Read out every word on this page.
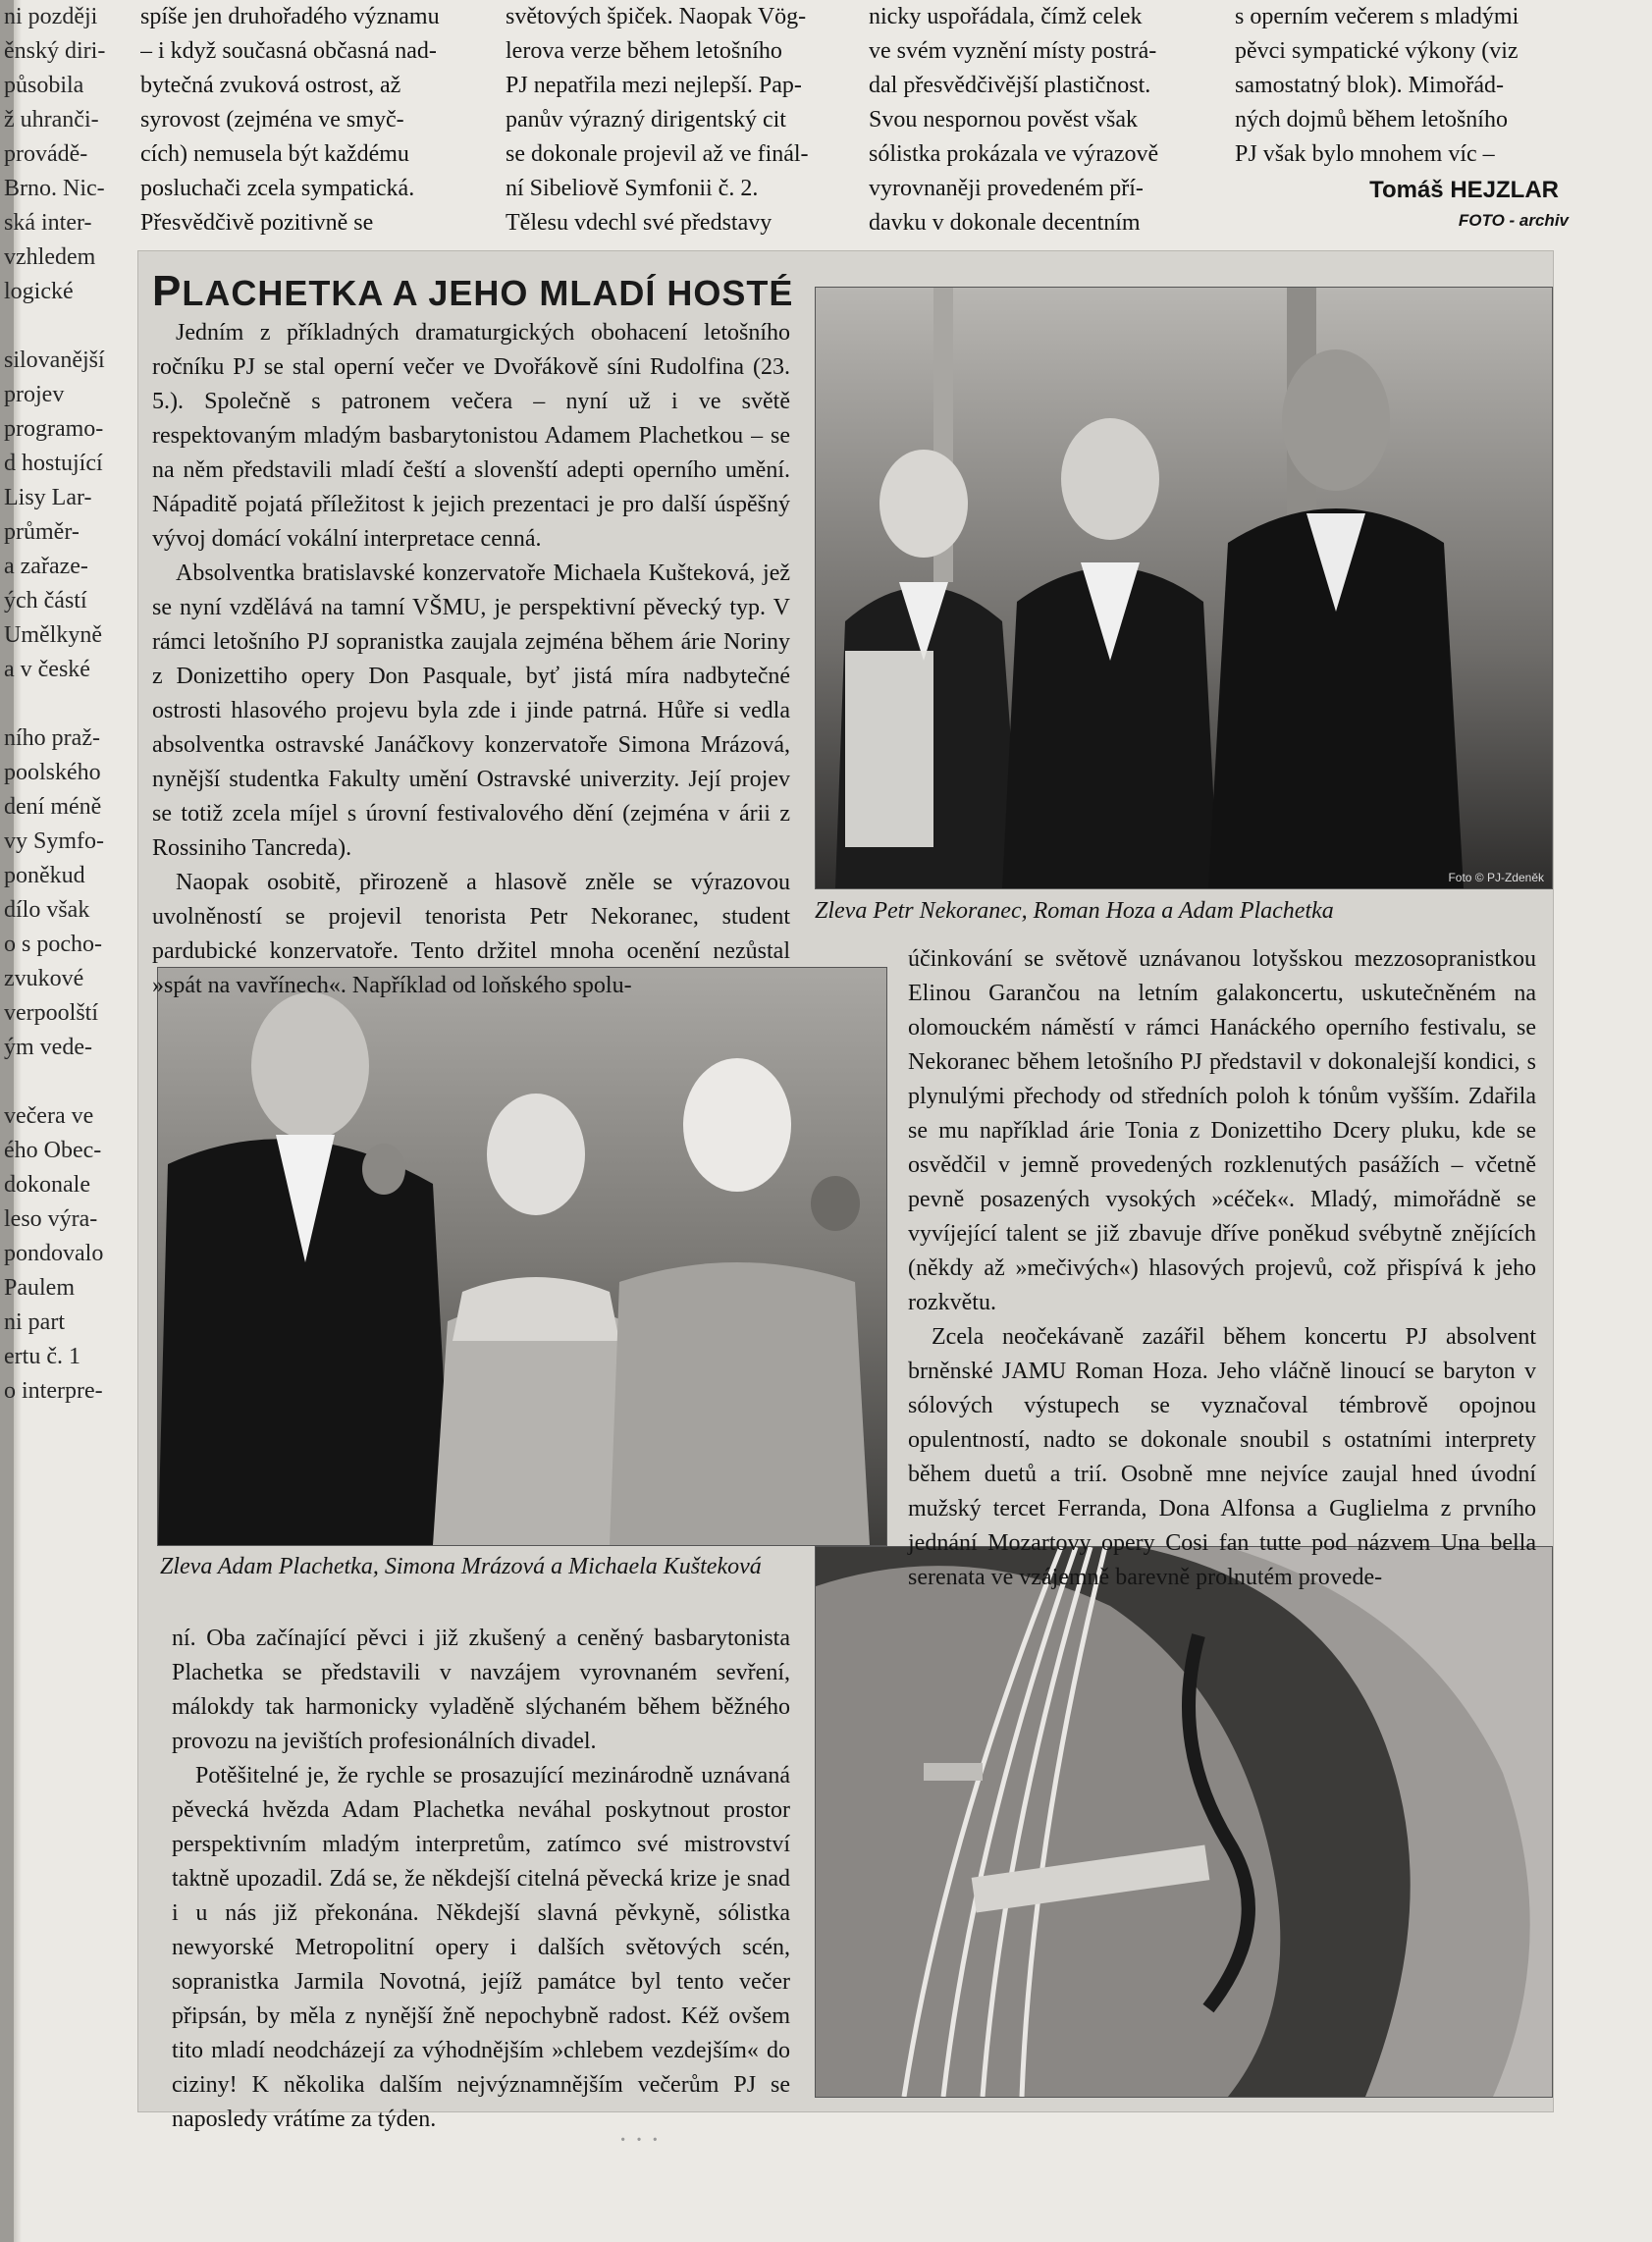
ni později
ěnský diri-
působila
ž uhranči-
provádě-
Brno. Nic-
ská inter-
vzhledem
logické
silovanější
projev
programo-
d hostující
Lisy Lar-
průměr-
a zařaze-
ých částí
Umělkyně
a v české
ního praž-
poolského
dení méně
vy Symfo-
poněkud
dílo však
o s pocho-
zvukové
verpoolští
ým vede-
večera ve
ého Obec-
dokonale
leso výra-
pondovalo
Paulem
ni part
ertu č. 1
o interpre-
spíše jen druhořadého významu
– i když současná občasná nad-
bytečná zvuková ostrost, až
syrovost (zejména ve smyč-
cích) nemusela být každému
posluchači zcela sympatická.
Přesvědčivě pozitivně se
světových špiček. Naopak Vög-
lerova verze během letošního
PJ nepatřila mezi nejlepší. Pap-
panův výrazný dirigentský cit
se dokonale projevil až ve finál-
ní Sibeliově Symfonii č. 2.
Tělesu vdechl své představy
nicky uspořádala, čímž celek
ve svém vyznění místy postrá-
dal přesvědčivější plastičnost.
Svou nespornou pověst však
sólistka prokázala ve výrazově
vyrovnaněji provedeném pří-
davku v dokonale decentním
s operním večerem s mladými
pěvci sympatické výkony (viz
samostatný blok). Mimořád-
ných dojmů během letošního
PJ však bylo mnohem víc –
Tomáš HEJZLAR
FOTO - archiv
PLACHETKA A JEHO MLADÍ HOSTÉ
Foto © PJ-Zdeněk
Zleva Petr Nekoranec, Roman Hoza a Adam Plachetka
Zleva Adam Plachetka, Simona Mrázová a Michaela Kušteková

Jedním z příkladných dramaturgických obohacení letošního ročníku PJ se stal operní večer ve Dvořákově síni Rudolfina (23. 5.). Společně s patronem večera – nyní už i ve světě respektovaným mladým basbarytonistou Adamem Plachetkou – se na něm představili mladí čeští a slovenští adepti operního umění. Nápaditě pojatá příležitost k jejich prezentaci je pro další úspěšný vývoj domácí vokální interpretace cenná.

Absolventka bratislavské konzervatoře Michaela Kušteková, jež se nyní vzdělává na tamní VŠMU, je perspektivní pěvecký typ. V rámci letošního PJ sopranistka zaujala zejména během árie Noriny z Donizettiho opery Don Pasquale, byť jistá míra nadbytečné ostrosti hlasového projevu byla zde i jinde patrná. Hůře si vedla absolventka ostravské Janáčkovy konzervatoře Simona Mrázová, nynější studentka Fakulty umění Ostravské univerzity. Její projev se totiž zcela míjel s úrovní festivalového dění (zejména v árii z Rossiniho Tancreda).

Naopak osobitě, přirozeně a hlasově zněle se výrazovou uvolněností se projevil tenorista Petr Nekoranec, student pardubické konzervatoře. Tento držitel mnoha ocenění nezůstal »spát na vavřínech«. Například od loňského spolu-

účinkování se světově uznávanou lotyšskou mezzosopranistkou Elinou Garančou na letním galakoncertu, uskutečněném na olomouckém náměstí v rámci Hanáckého operního festivalu, se Nekoranec během letošního PJ představil v dokonalejší kondici, s plynulými přechody od středních poloh k tónům vyšším. Zdařila se mu například árie Tonia z Donizettiho Dcery pluku, kde se osvědčil v jemně provedených rozklenutých pasážích – včetně pevně posazených vysokých »céček«. Mladý, mimořádně se vyvíjející talent se již zbavuje dříve poněkud svébytně znějících (někdy až »mečivých«) hlasových projevů, což přispívá k jeho rozkvětu.

Zcela neočekávaně zazářil během koncertu PJ absolvent brněnské JAMU Roman Hoza. Jeho vláčně linoucí se baryton v sólových výstupech se vyznačoval témbrově opojnou opulentností, nadto se dokonale snoubil s ostatními interprety během duetů a trií. Osobně mne nejvíce zaujal hned úvodní mužský tercet Ferranda, Dona Alfonsa a Guglielma z prvního jednání Mozartovy opery Cosi fan tutte pod názvem Una bella serenata ve vzájemně barevně prolnutém provede-

ní. Oba začínající pěvci i již zkušený a ceněný basbarytonista Plachetka se představili v navzájem vyrovnaném sevření, málokdy tak harmonicky vyladěně slýchaném během běžného provozu na jevištích profesionálních divadel.

Potěšitelné je, že rychle se prosazující mezinárodně uznávaná pěvecká hvězda Adam Plachetka neváhal poskytnout prostor perspektivním mladým interpretům, zatímco své mistrovství taktně upozadil. Zdá se, že někdejší citelná pěvecká krize je snad i u nás již překonána. Někdejší slavná pěvkyně, sólistka newyorské Metropolitní opery i dalších světových scén, sopranistka Jarmila Novotná, jejíž památce byl tento večer připsán, by měla z nynější žně nepochybně radost. Kéž ovšem tito mladí neodcházejí za výhodnějším »chlebem vezdejším« do ciziny! K několika dalším nejvýznamnějším večerům PJ se naposledy vrátíme za týden.

· · ·
